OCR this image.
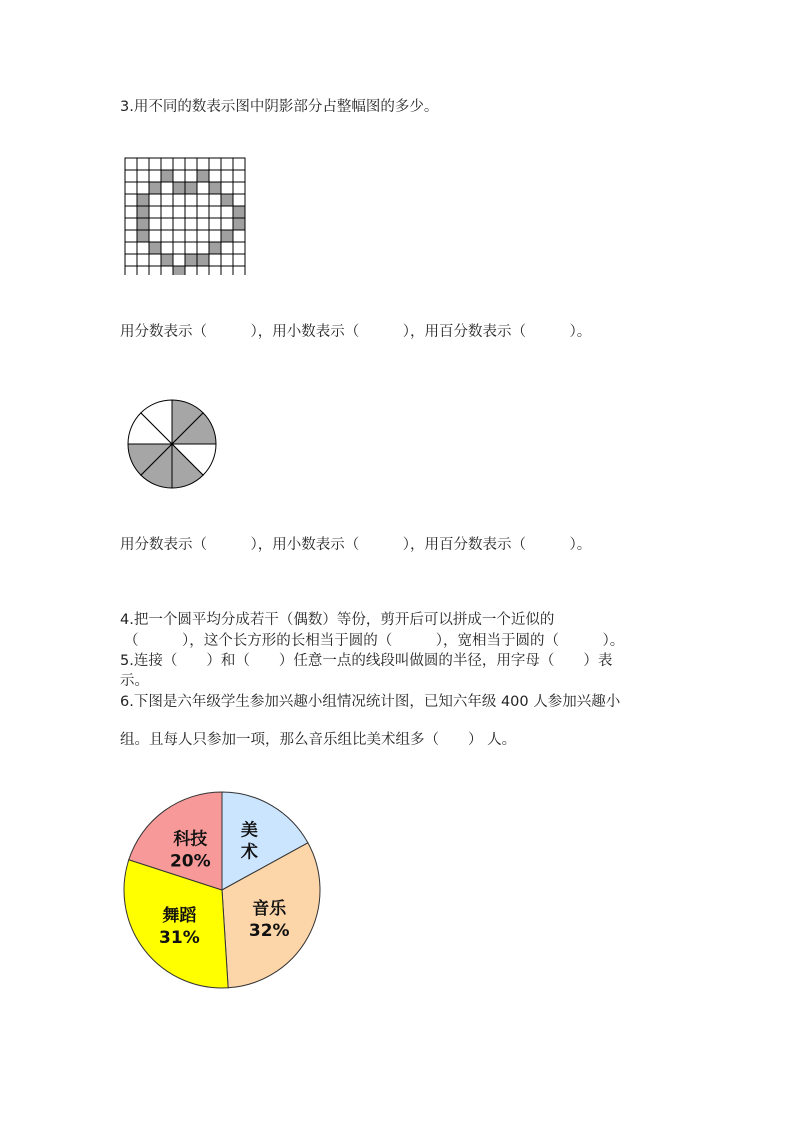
3.用不同的数表示图中阴影部分占整幅图的多少。
用分数表示（　　　），用小数表示（　　　），用百分数表示（　　　）。
用分数表示（　　　），用小数表示（　　　），用百分数表示（　　　）。
4.把一个圆平均分成若干（偶数）等份，剪开后可以拼成一个近似的
（　　　），这个长方形的长相当于圆的（　　　），宽相当于圆的（　　　）。
5.连接（　　）和（　　）任意一点的线段叫做圆的半径，用字母（　　）表
示。
6.下图是六年级学生参加兴趣小组情况统计图，已知六年级 400 人参加兴趣小
组。且每人只参加一项，那么音乐组比美术组多（　　） 人。
美
术
音乐
32%
舞蹈
31%
科技
20%
